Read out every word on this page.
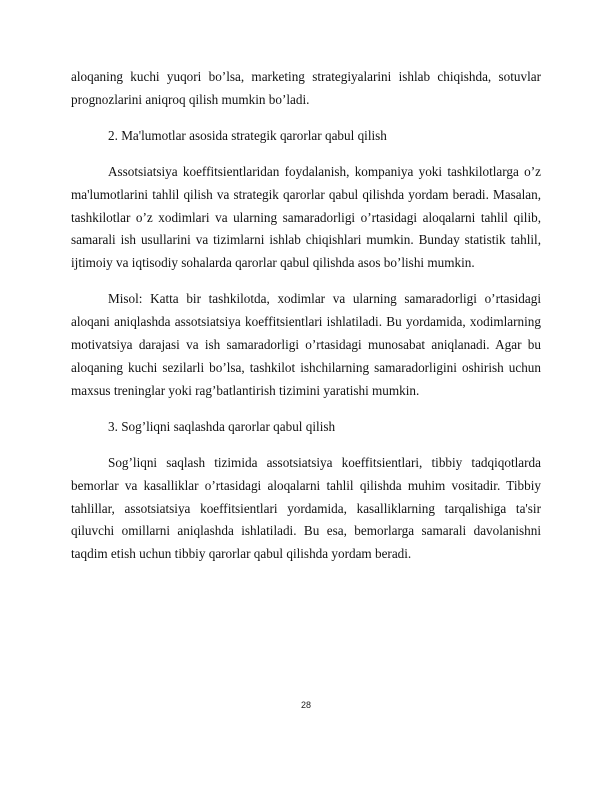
aloqaning kuchi yuqori bo’lsa, marketing strategiyalarini ishlab chiqishda, sotuvlar prognozlarini aniqroq qilish mumkin bo’ladi.

2. Ma'lumotlar asosida strategik qarorlar qabul qilish

Assotsiatsiya koeffitsientlaridan foydalanish, kompaniya yoki tashkilotlarga o’z ma'lumotlarini tahlil qilish va strategik qarorlar qabul qilishda yordam beradi. Masalan, tashkilotlar o’z xodimlari va ularning samaradorligi o’rtasidagi aloqalarni tahlil qilib, samarali ish usullarini va tizimlarni ishlab chiqishlari mumkin. Bunday statistik tahlil, ijtimoiy va iqtisodiy sohalarda qarorlar qabul qilishda asos bo’lishi mumkin.

Misol: Katta bir tashkilotda, xodimlar va ularning samaradorligi o’rtasidagi aloqani aniqlashda assotsiatsiya koeffitsientlari ishlatiladi. Bu yordamida, xodimlarning motivatsiya darajasi va ish samaradorligi o’rtasidagi munosabat aniqlanadi. Agar bu aloqaning kuchi sezilarli bo’lsa, tashkilot ishchilarning samaradorligini oshirish uchun maxsus treninglar yoki rag’batlantirish tizimini yaratishi mumkin.

3. Sog’liqni saqlashda qarorlar qabul qilish

Sog’liqni saqlash tizimida assotsiatsiya koeffitsientlari, tibbiy tadqiqotlarda bemorlar va kasalliklar o’rtasidagi aloqalarni tahlil qilishda muhim vositadir. Tibbiy tahlillar, assotsiatsiya koeffitsientlari yordamida, kasalliklarning tarqalishiga ta'sir qiluvchi omillarni aniqlashda ishlatiladi. Bu esa, bemorlarga samarali davolanishni taqdim etish uchun tibbiy qarorlar qabul qilishda yordam beradi.

28
